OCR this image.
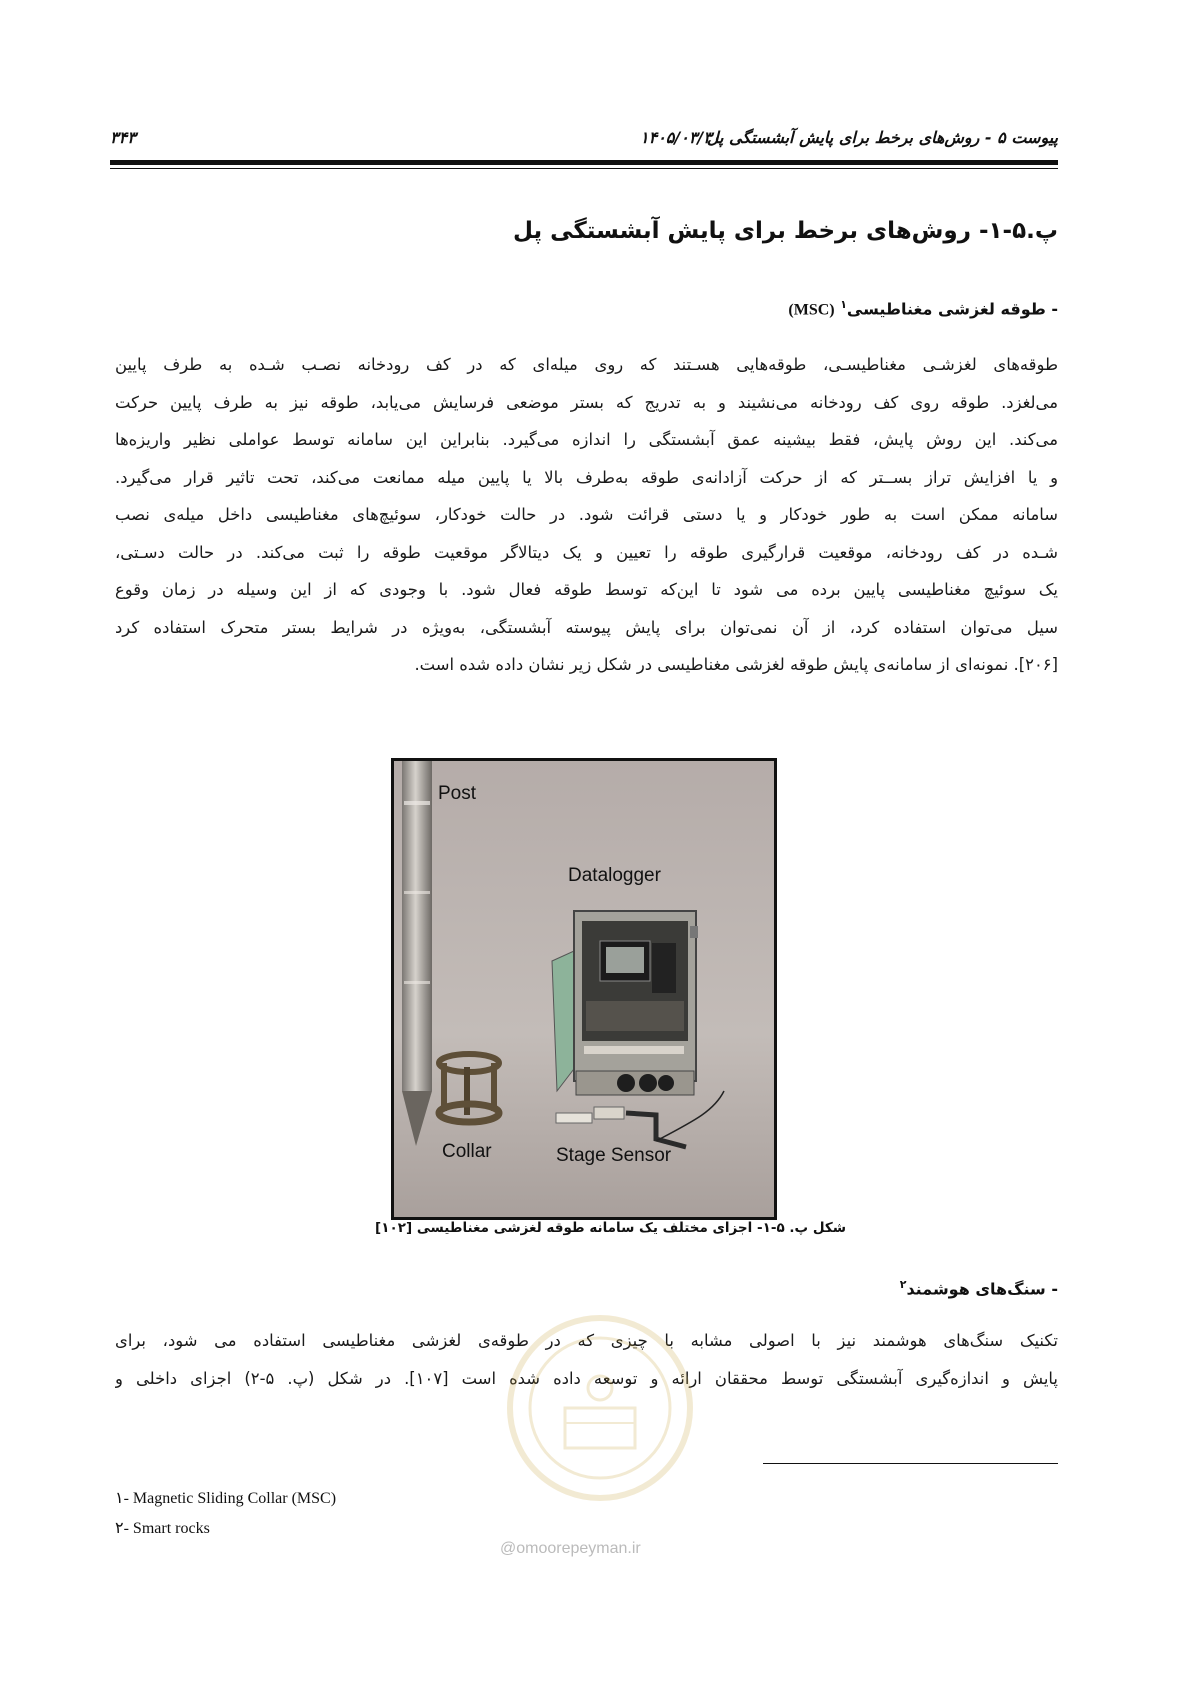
پیوست ۵ - روش‌های برخط برای پایش آبشستگی پل
۱۴۰۵/۰۳/۳۰
۳۴۳
پ.۵-۱- روش‌های برخط برای پایش آبشستگی پل
- طوقه لغزشی مغناطیسی$^۱$ (MSC)
طوقه‌های لغزشـی مغناطیسـی، طوقه‌هایی هسـتند که روی میله‌ای که در کف رودخانه نصـب شـده به طرف پایین
می‌لغزد. طوقه روی کف رودخانه می‌نشیند و به تدریج که بستر موضعی فرسایش می‌یابد، طوقه نیز به طرف پایین حرکت
می‌کند. این روش پایش، فقط بیشینه عمق آبشستگی را اندازه می‌گیرد. بنابراین این سامانه توسط عواملی نظیر واریزه‌ها
و یا افزایش تراز بســتر که از حرکت آزادانه‌ی طوقه به‌طرف بالا یا پایین میله ممانعت می‌کند، تحت تاثیر قرار می‌گیرد.
سامانه ممکن است به طور خودکار و یا دستی قرائت شود. در حالت خودکار، سوئیچ‌های مغناطیسی داخل میله‌ی نصب
شـده در کف رودخانه، موقعیت قرارگیری طوقه را تعیین و یک دیتالاگر موقعیت طوقه را ثبت می‌کند. در حالت دسـتی،
یک سوئیچ مغناطیسی پایین برده می شود تا این‌که توسط طوقه فعال شود. با وجودی که از این وسیله در زمان وقوع
سیل می‌توان استفاده کرد، از آن نمی‌توان برای پایش پیوسته آبشستگی، به‌ویژه در شرایط بستر متحرک استفاده کرد
[۲۰۶]. نمونه‌ای از سامانه‌ی پایش طوقه لغزشی مغناطیسی در شکل زیر نشان داده شده است.
Post
Datalogger
Collar	Stage Sensor
شکل پ. ۵-۱- اجزای مختلف یک سامانه طوقه لغزشی مغناطیسی [۱۰۲]
- سنگ‌های هوشمند$^۲$
تکنیک سنگ‌های هوشمند نیز با اصولی مشابه با چیزی که در طوقه‌ی لغزشی مغناطیسی استفاده می شود، برای
پایش و اندازه‌گیری آبشستگی توسط محققان ارائه و توسعه داده شده است [۱۰۷]. در شکل (پ. ۵-۲) اجزای داخلی و
@omoorepeyman.ir
۱- Magnetic Sliding Collar (MSC)
۲- Smart rocks
